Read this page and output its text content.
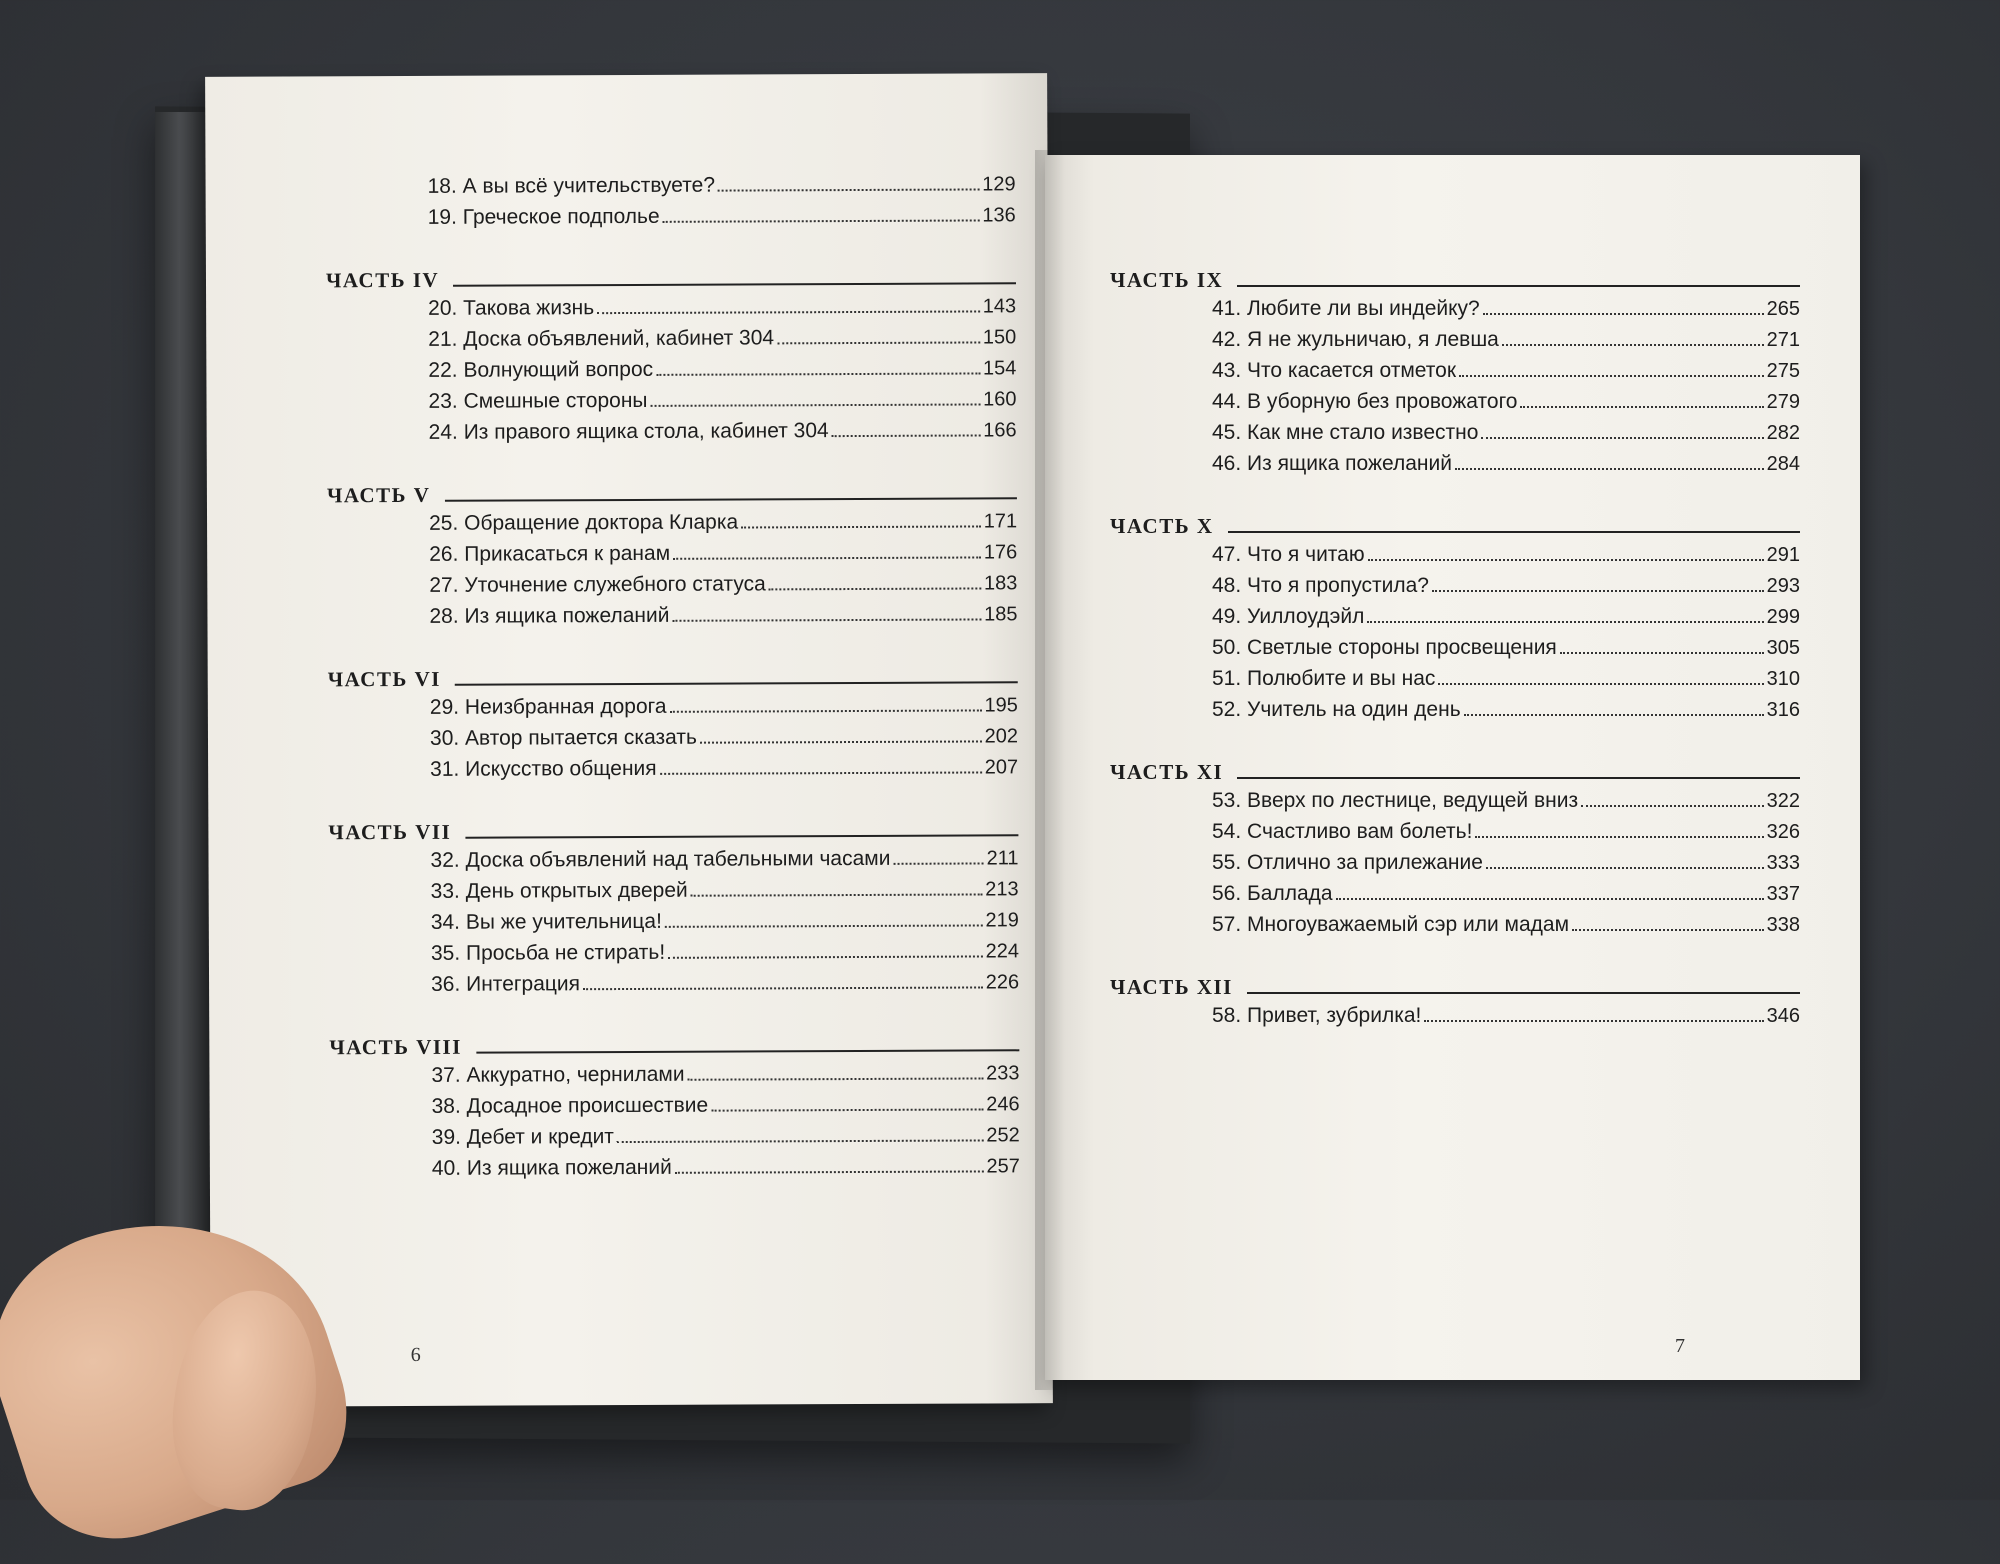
18. А вы всё учительствуете?	129
19. Греческое подполье	136
ЧАСТЬ IV
20. Такова жизнь	143
21. Доска объявлений, кабинет 304	150
22. Волнующий вопрос	154
23. Смешные стороны	160
24. Из правого ящика стола, кабинет 304	166
ЧАСТЬ V
25. Обращение доктора Кларка	171
26. Прикасаться к ранам	176
27. Уточнение служебного статуса	183
28. Из ящика пожеланий	185
ЧАСТЬ VI
29. Неизбранная дорога	195
30. Автор пытается сказать	202
31. Искусство общения	207
ЧАСТЬ VII
32. Доска объявлений над табельными часами	211
33. День открытых дверей	213
34. Вы же учительница!	219
35. Просьба не стирать!	224
36. Интеграция	226
ЧАСТЬ VIII
37. Аккуратно, чернилами	233
38. Досадное происшествие	246
39. Дебет и кредит	252
40. Из ящика пожеланий	257
6
ЧАСТЬ IX
41. Любите ли вы индейку?	265
42. Я не жульничаю, я левша	271
43. Что касается отметок	275
44. В уборную без провожатого	279
45. Как мне стало известно	282
46. Из ящика пожеланий	284
ЧАСТЬ X
47. Что я читаю	291
48. Что я пропустила?	293
49. Уиллоудэйл	299
50. Светлые стороны просвещения	305
51. Полюбите и вы нас	310
52. Учитель на один день	316
ЧАСТЬ XI
53. Вверх по лестнице, ведущей вниз	322
54. Счастливо вам болеть!	326
55. Отлично за прилежание	333
56. Баллада	337
57. Многоуважаемый сэр или мадам	338
ЧАСТЬ XII
58. Привет, зубрилка!	346
7
